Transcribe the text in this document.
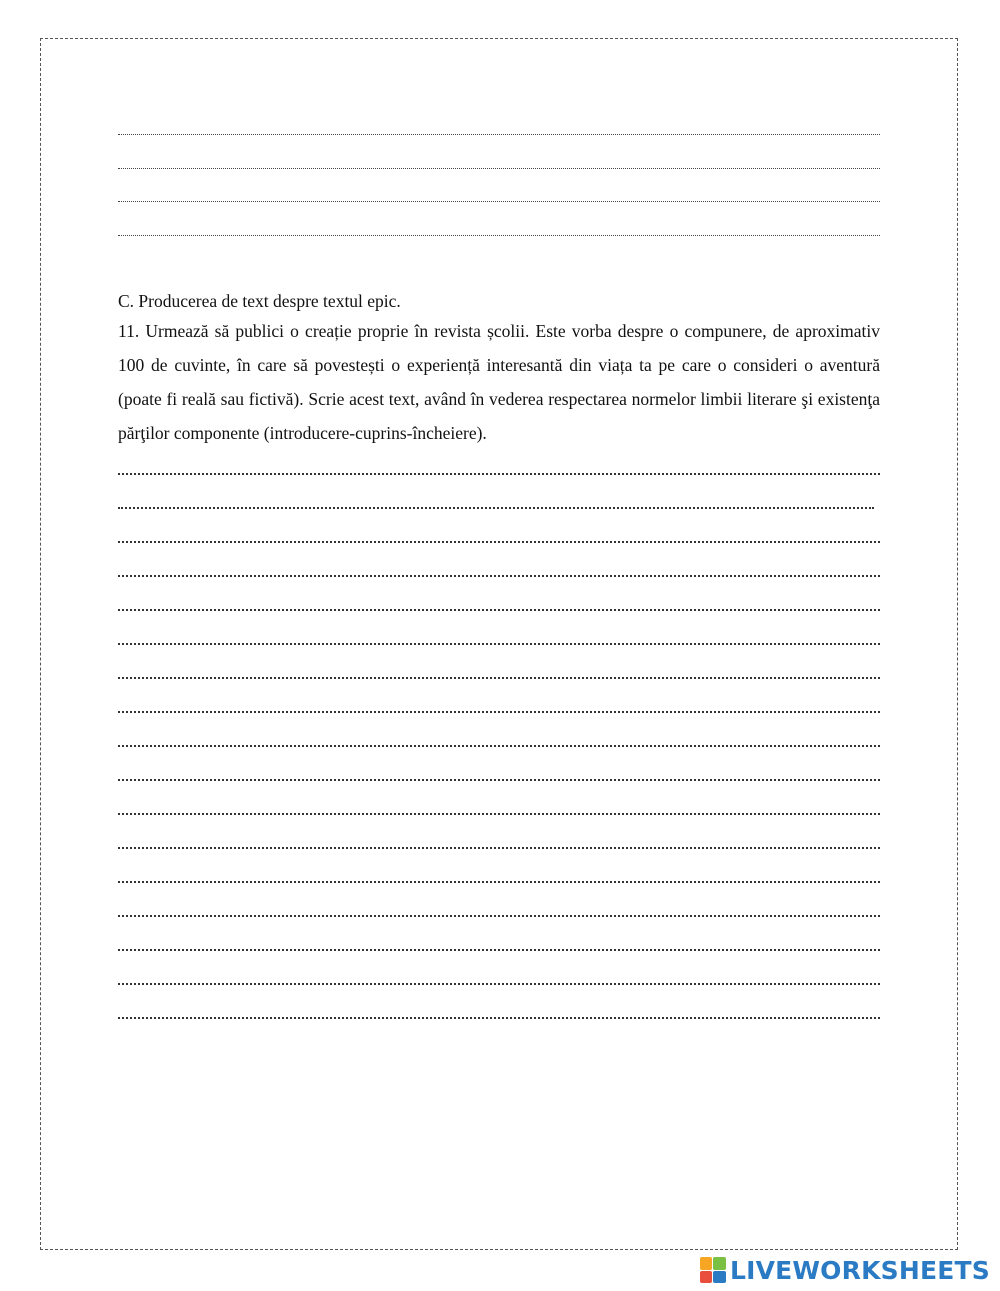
C. Producerea de text despre textul epic.

11. Urmează să publici o creație proprie în revista școlii. Este vorba despre o compunere, de aproximativ 100 de cuvinte, în care să povestești o experiență interesantă din viața ta pe care o consideri o aventură (poate fi reală sau fictivă). Scrie acest text, având în vederea respectarea normelor limbii literare şi existenţa părţilor componente (introducere-cuprins-încheiere).

LIVEWORKSHEETS
